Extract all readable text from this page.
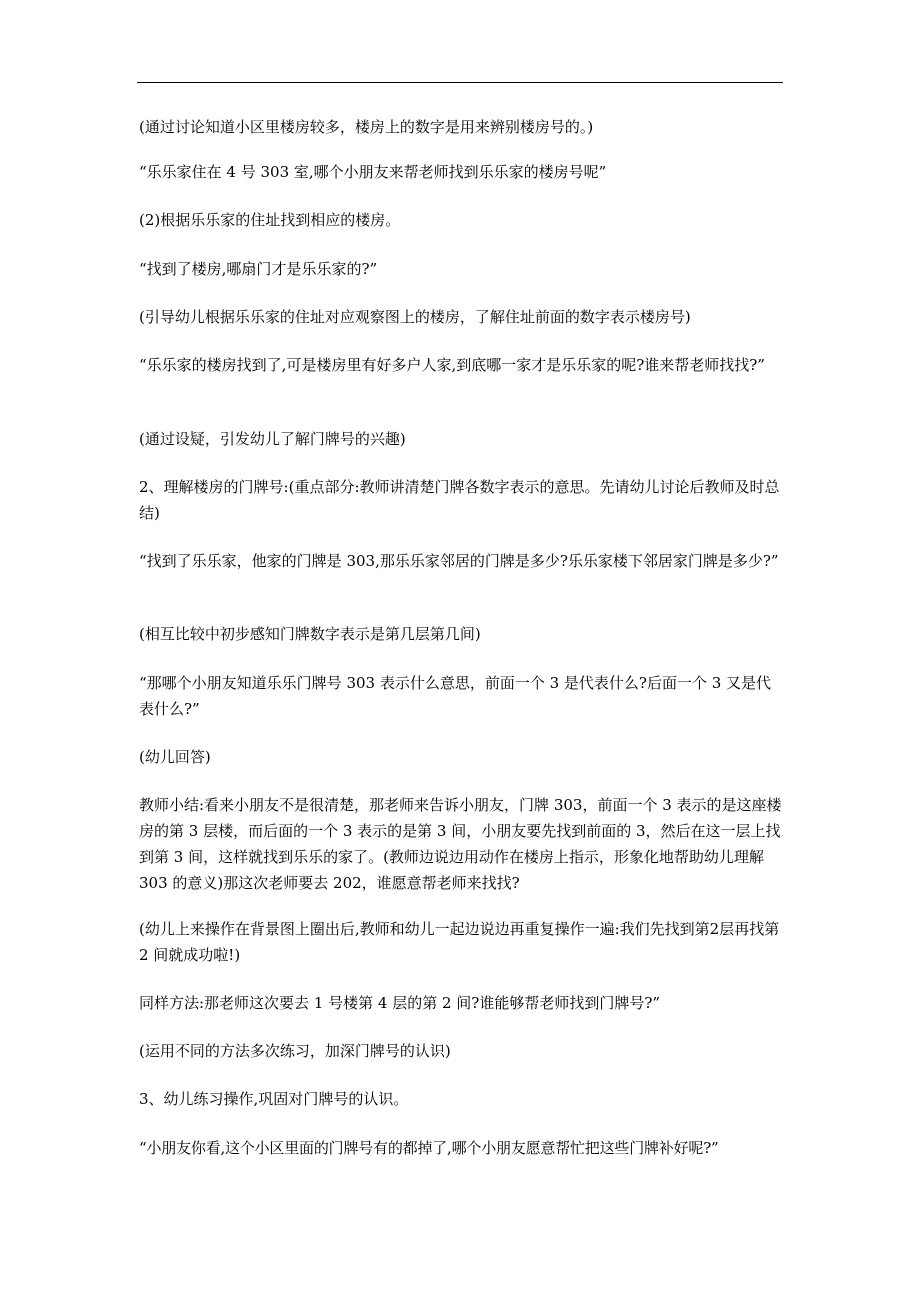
(通过讨论知道小区里楼房较多，楼房上的数字是用来辨别楼房号的。)

“乐乐家住在 4 号 303 室,哪个小朋友来帮老师找到乐乐家的楼房号呢”

(2)根据乐乐家的住址找到相应的楼房。

“找到了楼房,哪扇门才是乐乐家的?”

(引导幼儿根据乐乐家的住址对应观察图上的楼房，了解住址前面的数字表示楼房号)

“乐乐家的楼房找到了,可是楼房里有好多户人家,到底哪一家才是乐乐家的呢?谁来帮老师找找?”

(通过设疑，引发幼儿了解门牌号的兴趣)

2、理解楼房的门牌号:(重点部分:教师讲清楚门牌各数字表示的意思。先请幼儿讨论后教师及时总结)

“找到了乐乐家，他家的门牌是 303,那乐乐家邻居的门牌是多少?乐乐家楼下邻居家门牌是多少?”

(相互比较中初步感知门牌数字表示是第几层第几间)

“那哪个小朋友知道乐乐门牌号 303 表示什么意思，前面一个 3 是代表什么?后面一个 3 又是代表什么?”

(幼儿回答)

教师小结:看来小朋友不是很清楚，那老师来告诉小朋友，门牌 303，前面一个 3 表示的是这座楼房的第 3 层楼，而后面的一个 3 表示的是第 3 间，小朋友要先找到前面的 3，然后在这一层上找到第 3 间，这样就找到乐乐的家了。(教师边说边用动作在楼房上指示，形象化地帮助幼儿理解 303 的意义)那这次老师要去 202，谁愿意帮老师来找找?

(幼儿上来操作在背景图上圈出后,教师和幼儿一起边说边再重复操作一遍:我们先找到第2层再找第 2 间就成功啦!)

同样方法:那老师这次要去 1 号楼第 4 层的第 2 间?谁能够帮老师找到门牌号?”

(运用不同的方法多次练习，加深门牌号的认识)

3、幼儿练习操作,巩固对门牌号的认识。

“小朋友你看,这个小区里面的门牌号有的都掉了,哪个小朋友愿意帮忙把这些门牌补好呢?”
